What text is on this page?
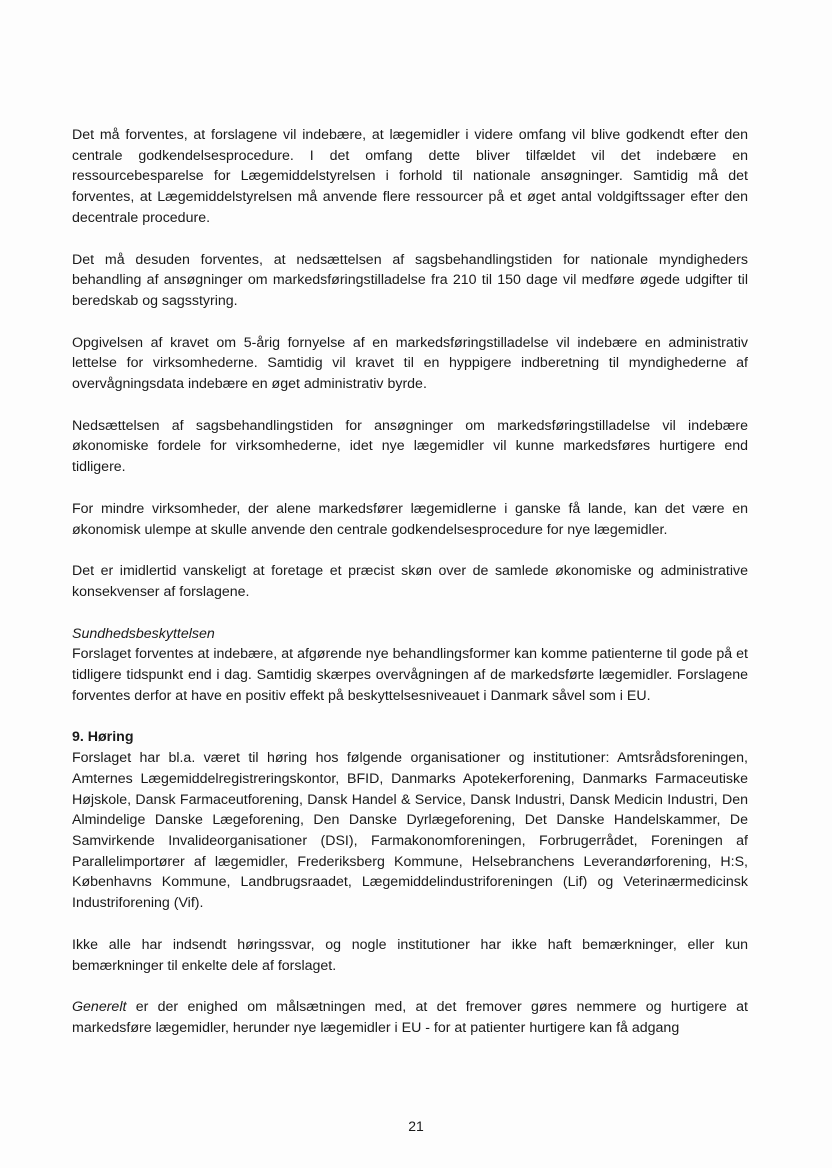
Det må forventes, at forslagene vil indebære, at lægemidler i videre omfang vil blive godkendt efter den centrale godkendelsesprocedure. I det omfang dette bliver tilfældet vil det indebære en ressourcebesparelse for Lægemiddelstyrelsen i forhold til nationale ansøgninger. Samtidig må det forventes, at Lægemiddelstyrelsen må anvende flere ressourcer på et øget antal voldgiftssager efter den decentrale procedure.

Det må desuden forventes, at nedsættelsen af sagsbehandlingstiden for nationale myndigheders behandling af ansøgninger om markedsføringstilladelse fra 210 til 150 dage vil medføre øgede udgifter til beredskab og sagsstyring.

Opgivelsen af kravet om 5-årig fornyelse af en markedsføringstilladelse vil indebære en administrativ lettelse for virksomhederne. Samtidig vil kravet til en hyppigere indberetning til myndighederne af overvågningsdata indebære en øget administrativ byrde.

Nedsættelsen af sagsbehandlingstiden for ansøgninger om markedsføringstilladelse vil indebære økonomiske fordele for virksomhederne, idet nye lægemidler vil kunne markedsføres hurtigere end tidligere.

For mindre virksomheder, der alene markedsfører lægemidlerne i ganske få lande, kan det være en økonomisk ulempe at skulle anvende den centrale godkendelsesprocedure for nye lægemidler.

Det er imidlertid vanskeligt at foretage et præcist skøn over de samlede økonomiske og administrative konsekvenser af forslagene.

Sundhedsbeskyttelsen
Forslaget forventes at indebære, at afgørende nye behandlingsformer kan komme patienterne til gode på et tidligere tidspunkt end i dag. Samtidig skærpes overvågningen af de markedsførte lægemidler. Forslagene forventes derfor at have en positiv effekt på beskyttelsesniveauet i Danmark såvel som i EU.
9. Høring
Forslaget har bl.a. været til høring hos følgende organisationer og institutioner: Amtsrådsforeningen, Amternes Lægemiddelregistreringskontor, BFID, Danmarks Apotekerforening, Danmarks Farmaceutiske Højskole, Dansk Farmaceutforening, Dansk Handel & Service, Dansk Industri, Dansk Medicin Industri, Den Almindelige Danske Lægeforening, Den Danske Dyrlægeforening, Det Danske Handelskammer, De Samvirkende Invalideorganisationer (DSI), Farmakonomforeningen, Forbrugerrådet, Foreningen af Parallelimportører af lægemidler, Frederiksberg Kommune, Helsebranchens Leverandørforening, H:S, Københavns Kommune, Landbrugsraadet, Lægemiddelindustriforeningen (Lif) og Veterinærmedicinsk Industriforening (Vif).

Ikke alle har indsendt høringssvar, og nogle institutioner har ikke haft bemærkninger, eller kun bemærkninger til enkelte dele af forslaget.

Generelt er der enighed om målsætningen med, at det fremover gøres nemmere og hurtigere at markedsføre lægemidler, herunder nye lægemidler i EU - for at patienter hurtigere kan få adgang

21
